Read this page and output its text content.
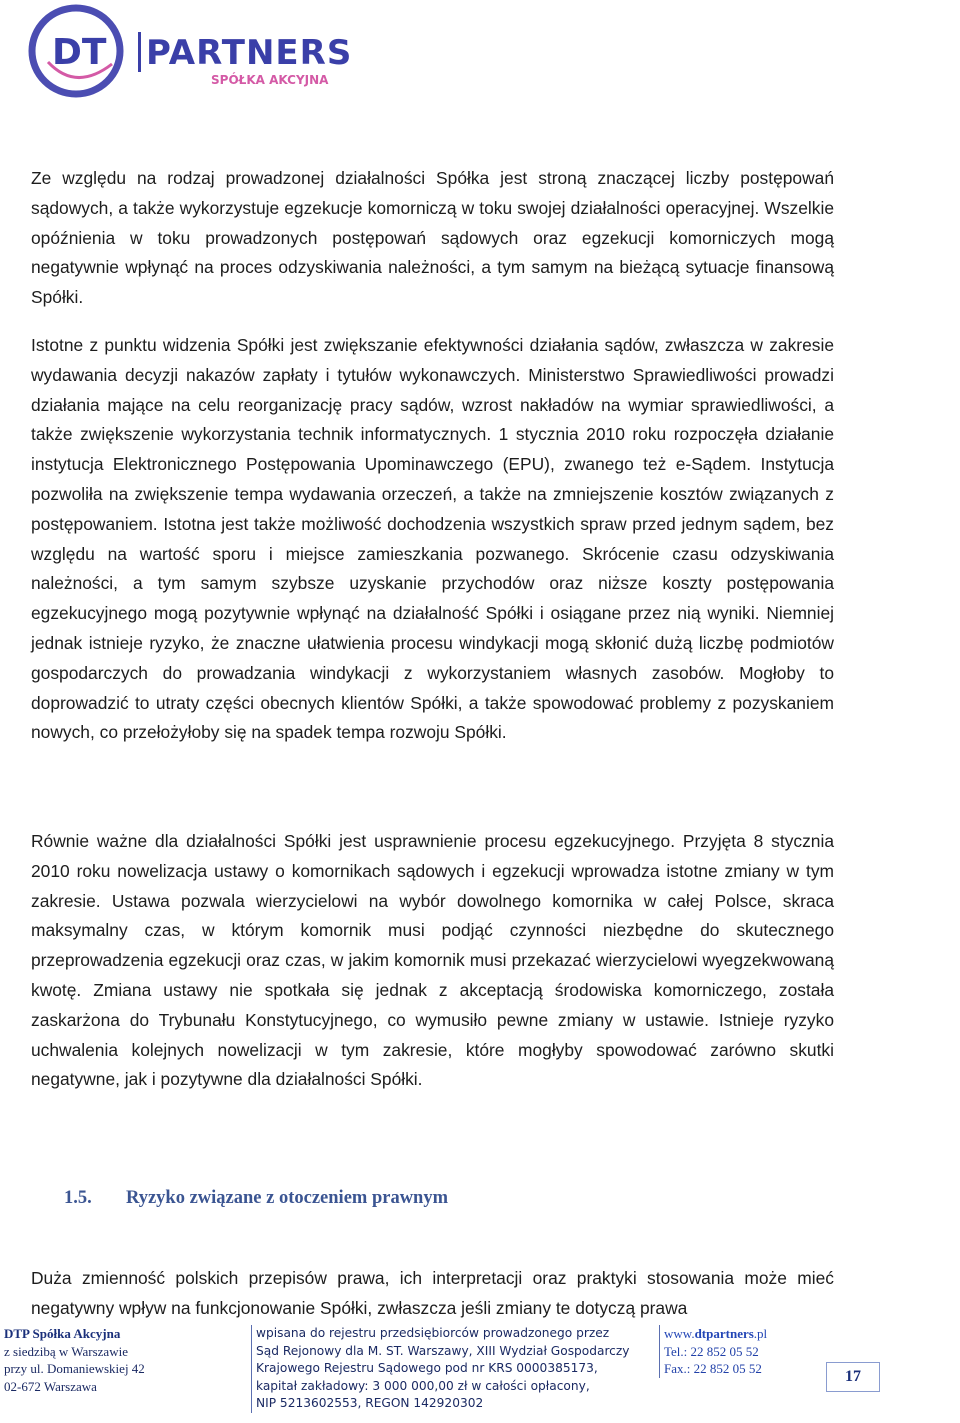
DT PARTNERS
SPÓŁKA AKCYJNA

Ze względu na rodzaj prowadzonej działalności Spółka jest stroną znaczącej liczby postępowań sądowych, a także wykorzystuje egzekucje komorniczą w toku swojej działalności operacyjnej. Wszelkie opóźnienia w toku prowadzonych postępowań sądowych oraz egzekucji komorniczych mogą negatywnie wpłynąć na proces odzyskiwania należności, a tym samym na bieżącą sytuacje finansową Spółki.

Istotne z punktu widzenia Spółki jest zwiększanie efektywności działania sądów, zwłaszcza w zakresie wydawania decyzji nakazów zapłaty i tytułów wykonawczych. Ministerstwo Sprawiedliwości prowadzi działania mające na celu reorganizację pracy sądów, wzrost nakładów na wymiar sprawiedliwości, a także zwiększenie wykorzystania technik informatycznych. 1 stycznia 2010 roku rozpoczęła działanie instytucja Elektronicznego Postępowania Upominawczego (EPU), zwanego też e-Sądem. Instytucja pozwoliła na zwiększenie tempa wydawania orzeczeń, a także na zmniejszenie kosztów związanych z postępowaniem. Istotna jest także możliwość dochodzenia wszystkich spraw przed jednym sądem, bez względu na wartość sporu i miejsce zamieszkania pozwanego. Skrócenie czasu odzyskiwania należności, a tym samym szybsze uzyskanie przychodów oraz niższe koszty postępowania egzekucyjnego mogą pozytywnie wpłynąć na działalność Spółki i osiągane przez nią wyniki. Niemniej jednak istnieje ryzyko, że znaczne ułatwienia procesu windykacji mogą skłonić dużą liczbę podmiotów gospodarczych do prowadzania windykacji z wykorzystaniem własnych zasobów. Mogłoby to doprowadzić to utraty części obecnych klientów Spółki, a także spowodować problemy z pozyskaniem nowych, co przełożyłoby się na spadek tempa rozwoju Spółki.

Równie ważne dla działalności Spółki jest usprawnienie procesu egzekucyjnego. Przyjęta 8 stycznia 2010 roku nowelizacja ustawy o komornikach sądowych i egzekucji wprowadza istotne zmiany w tym zakresie. Ustawa pozwala wierzycielowi na wybór dowolnego komornika w całej Polsce, skraca maksymalny czas, w którym komornik musi podjąć czynności niezbędne do skutecznego przeprowadzenia egzekucji oraz czas, w jakim komornik musi przekazać wierzycielowi wyegzekwowaną kwotę. Zmiana ustawy nie spotkała się jednak z akceptacją środowiska komorniczego, została zaskarżona do Trybunału Konstytucyjnego, co wymusiło pewne zmiany w ustawie. Istnieje ryzyko uchwalenia kolejnych nowelizacji w tym zakresie, które mogłyby spowodować zarówno skutki negatywne, jak i pozytywne dla działalności Spółki.

1.5. Ryzyko związane z otoczeniem prawnym

Duża zmienność polskich przepisów prawa, ich interpretacji oraz praktyki stosowania może mieć negatywny wpływ na funkcjonowanie Spółki, zwłaszcza jeśli zmiany te dotyczą prawa

DTP Spółka Akcyjna
z siedzibą w Warszawie
przy ul. Domaniewskiej 42
02-672 Warszawa
wpisana do rejestru przedsiębiorców prowadzonego przez
Sąd Rejonowy dla M. ST. Warszawy, XIII Wydział Gospodarczy
Krajowego Rejestru Sądowego pod nr KRS 0000385173,
kapitał zakładowy: 3 000 000,00 zł w całości opłacony,
NIP 5213602553, REGON 142920302
www.dtpartners.pl
Tel.: 22 852 05 52
Fax.: 22 852 05 52	17
